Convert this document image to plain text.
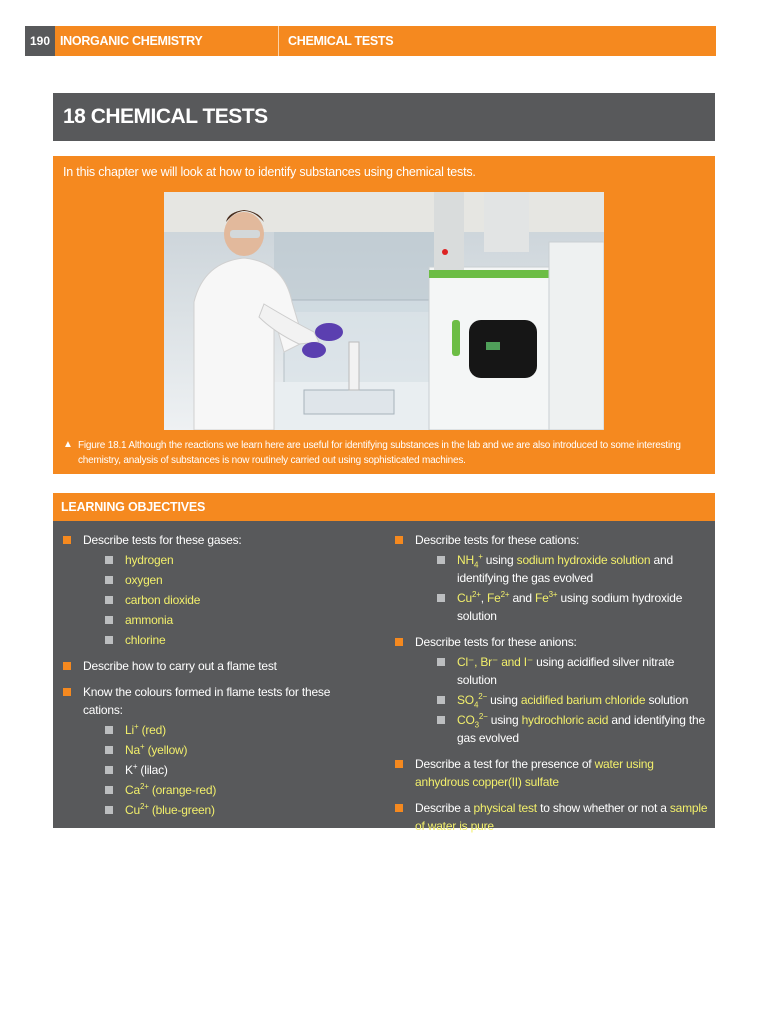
190 INORGANIC CHEMISTRY	CHEMICAL TESTS
18 CHEMICAL TESTS
In this chapter we will look at how to identify substances using chemical tests.
▲ Figure 18.1 Although the reactions we learn here are useful for identifying substances in the lab and we are also introduced to some interesting chemistry, analysis of substances is now routinely carried out using sophisticated machines.
LEARNING OBJECTIVES
Describe tests for these gases:
hydrogen
oxygen
carbon dioxide
ammonia
chlorine
Describe how to carry out a flame test
Know the colours formed in flame tests for these cations:
Li+ (red)
Na+ (yellow)
K+ (lilac)
$Ca^{2+}$ (orange-red)
$Cu^{2+}$ (blue-green)
Describe tests for these cations:
$NH_4^+$ using sodium hydroxide solution and identifying the gas evolved
$Cu^{2+}$, $Fe^{2+}$ and $Fe^{3+}$ using sodium hydroxide solution
Describe tests for these anions:
Cl⁻, Br⁻ and I⁻ using acidified silver nitrate solution
$SO_4^{2-}$ using acidified barium chloride solution
$CO_3^{2-}$ using hydrochloric acid and identifying the gas evolved
Describe a test for the presence of water using anhydrous copper(II) sulfate
Describe a physical test to show whether or not a sample of water is pure
